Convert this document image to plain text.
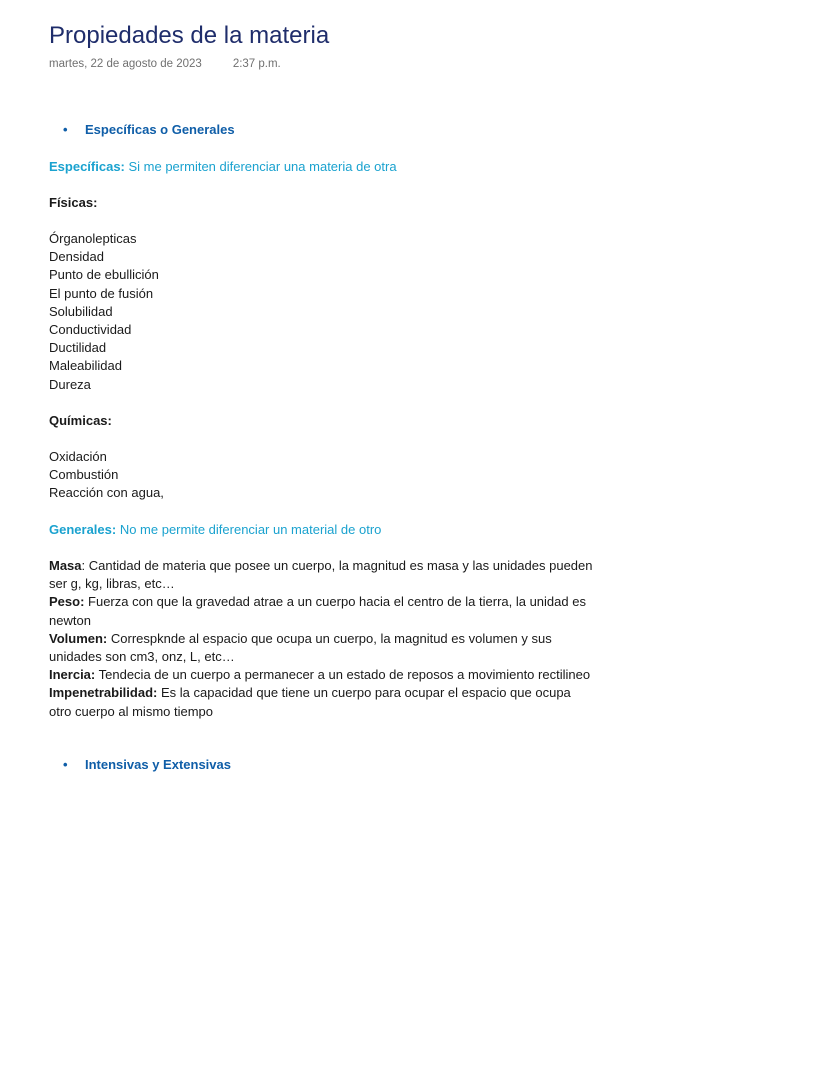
Propiedades de la materia
martes, 22 de agosto de 2023	2:37 p.m.
• Específicas o Generales
Específicas: Si me permiten diferenciar una materia de otra
Físicas:
Órganolepticas
Densidad
Punto de ebullición
El punto de fusión
Solubilidad
Conductividad
Ductilidad
Maleabilidad
Dureza
Químicas:
Oxidación
Combustión
Reacción con agua,
Generales: No me permite diferenciar un material de otro
Masa: Cantidad de materia que posee un cuerpo, la magnitud es masa y las unidades pueden ser g, kg, libras, etc…
Peso: Fuerza con que la gravedad atrae a un cuerpo hacia el centro de la tierra, la unidad es newton
Volumen: Correspknde al espacio que ocupa un cuerpo, la magnitud es volumen y sus unidades son cm3, onz, L, etc…
Inercia: Tendecia de un cuerpo a permanecer a un estado de reposos a movimiento rectilineo
Impenetrabilidad: Es la capacidad que tiene un cuerpo para ocupar el espacio que ocupa otro cuerpo al mismo tiempo
• Intensivas y Extensivas
